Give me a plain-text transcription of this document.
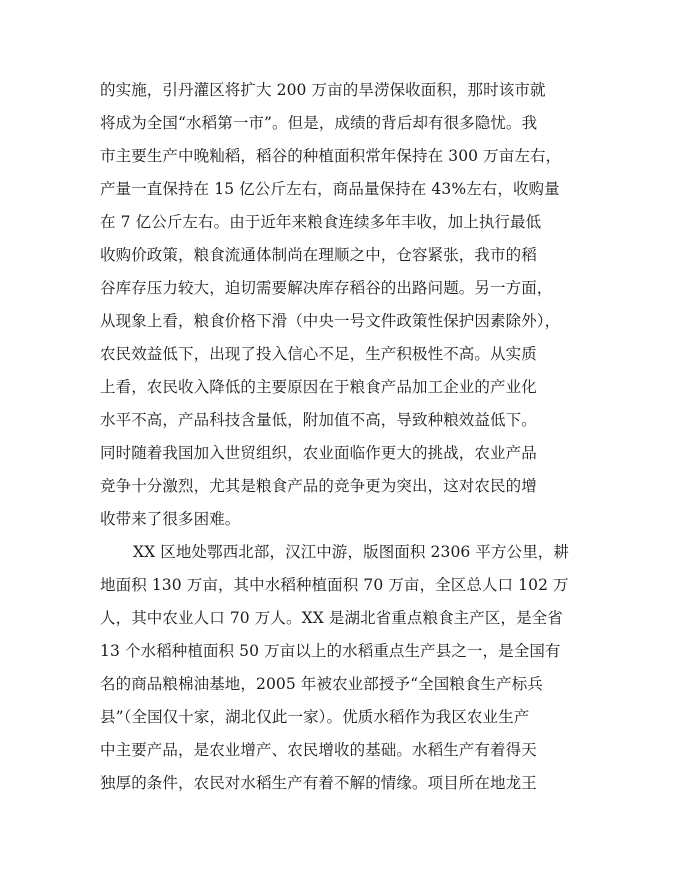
的实施，引丹灌区将扩大 200 万亩的旱涝保收面积，那时该市就

将成为全国“水稻第一市”。但是，成绩的背后却有很多隐忧。我

市主要生产中晚籼稻，稻谷的种植面积常年保持在 300 万亩左右，

产量一直保持在 15 亿公斤左右，商品量保持在 43%左右，收购量

在 7 亿公斤左右。由于近年来粮食连续多年丰收，加上执行最低

收购价政策，粮食流通体制尚在理顺之中，仓容紧张，我市的稻

谷库存压力较大，迫切需要解决库存稻谷的出路问题。另一方面，

从现象上看，粮食价格下滑（中央一号文件政策性保护因素除外），

农民效益低下，出现了投入信心不足，生产积极性不高。从实质

上看，农民收入降低的主要原因在于粮食产品加工企业的产业化

水平不高，产品科技含量低，附加值不高，导致种粮效益低下。

同时随着我国加入世贸组织，农业面临作更大的挑战，农业产品

竞争十分激烈，尤其是粮食产品的竞争更为突出，这对农民的增

收带来了很多困难。

XX 区地处鄂西北部，汉江中游，版图面积 2306 平方公里，耕

地面积 130 万亩，其中水稻种植面积 70 万亩，全区总人口 102 万

人，其中农业人口 70 万人。XX 是湖北省重点粮食主产区，是全省

13 个水稻种植面积 50 万亩以上的水稻重点生产县之一，是全国有

名的商品粮棉油基地，2005 年被农业部授予“全国粮食生产标兵

县”（全国仅十家，湖北仅此一家）。优质水稻作为我区农业生产

中主要产品，是农业增产、农民增收的基础。水稻生产有着得天

独厚的条件，农民对水稻生产有着不解的情缘。项目所在地龙王
